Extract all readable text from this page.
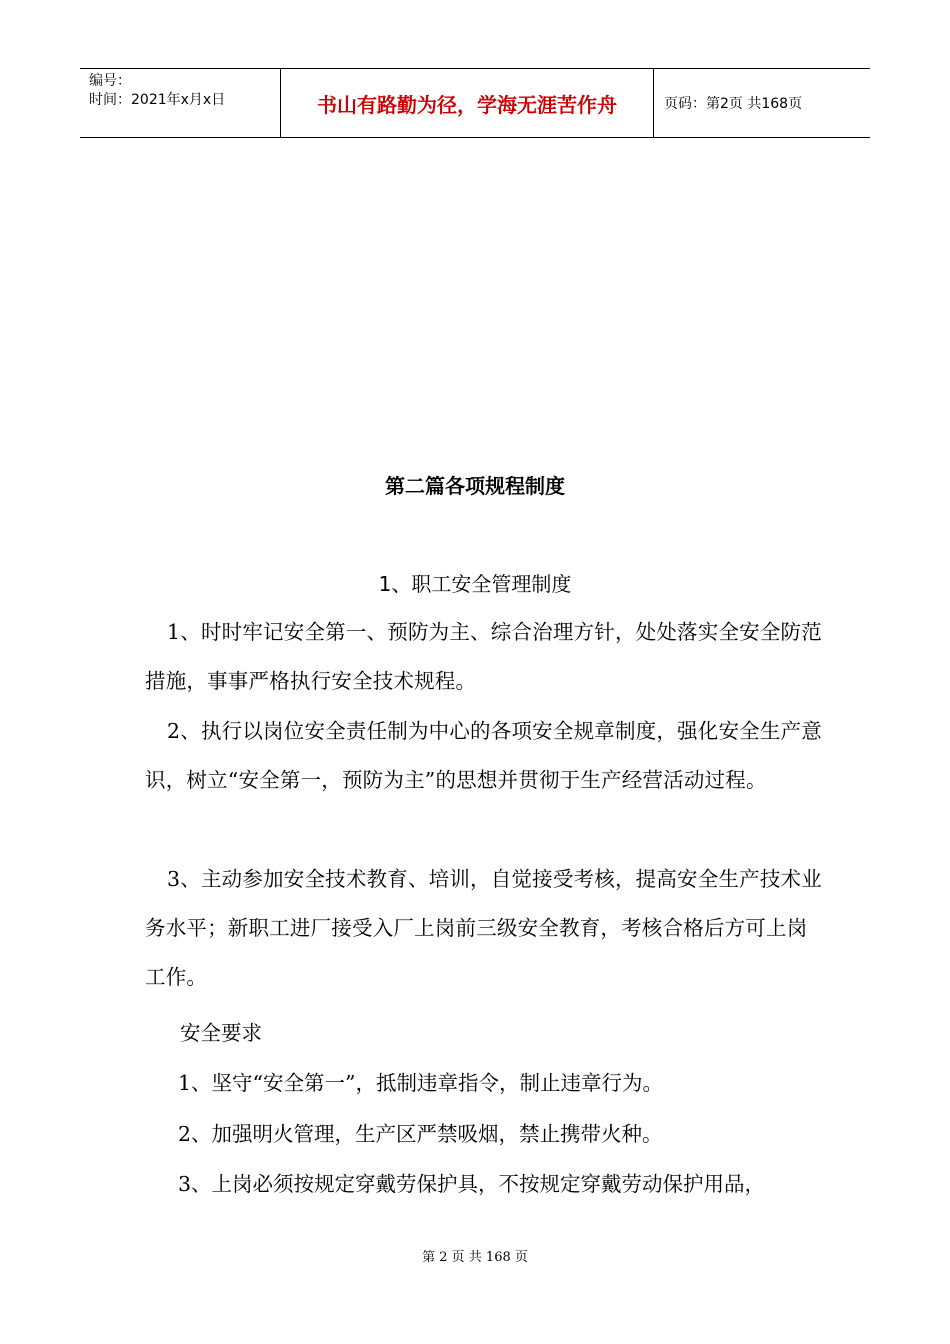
编号：
时间：2021年x月x日	书山有路勤为径，学海无涯苦作舟	页码：第2页 共168页
第二篇各项规程制度
1、职工安全管理制度

1、时时牢记安全第一、预防为主、综合治理方针，处处落实全安全防范措施，事事严格执行安全技术规程。

2、执行以岗位安全责任制为中心的各项安全规章制度，强化安全生产意识，树立“安全第一，预防为主”的思想并贯彻于生产经营活动过程。

3、主动参加安全技术教育、培训，自觉接受考核，提高安全生产技术业务水平；新职工进厂接受入厂上岗前三级安全教育，考核合格后方可上岗工作。

安全要求

1、坚守“安全第一”，抵制违章指令，制止违章行为。

2、加强明火管理，生产区严禁吸烟，禁止携带火种。

3、上岗必须按规定穿戴劳保护具，不按规定穿戴劳动保护用品，

第 2 页 共 168 页
